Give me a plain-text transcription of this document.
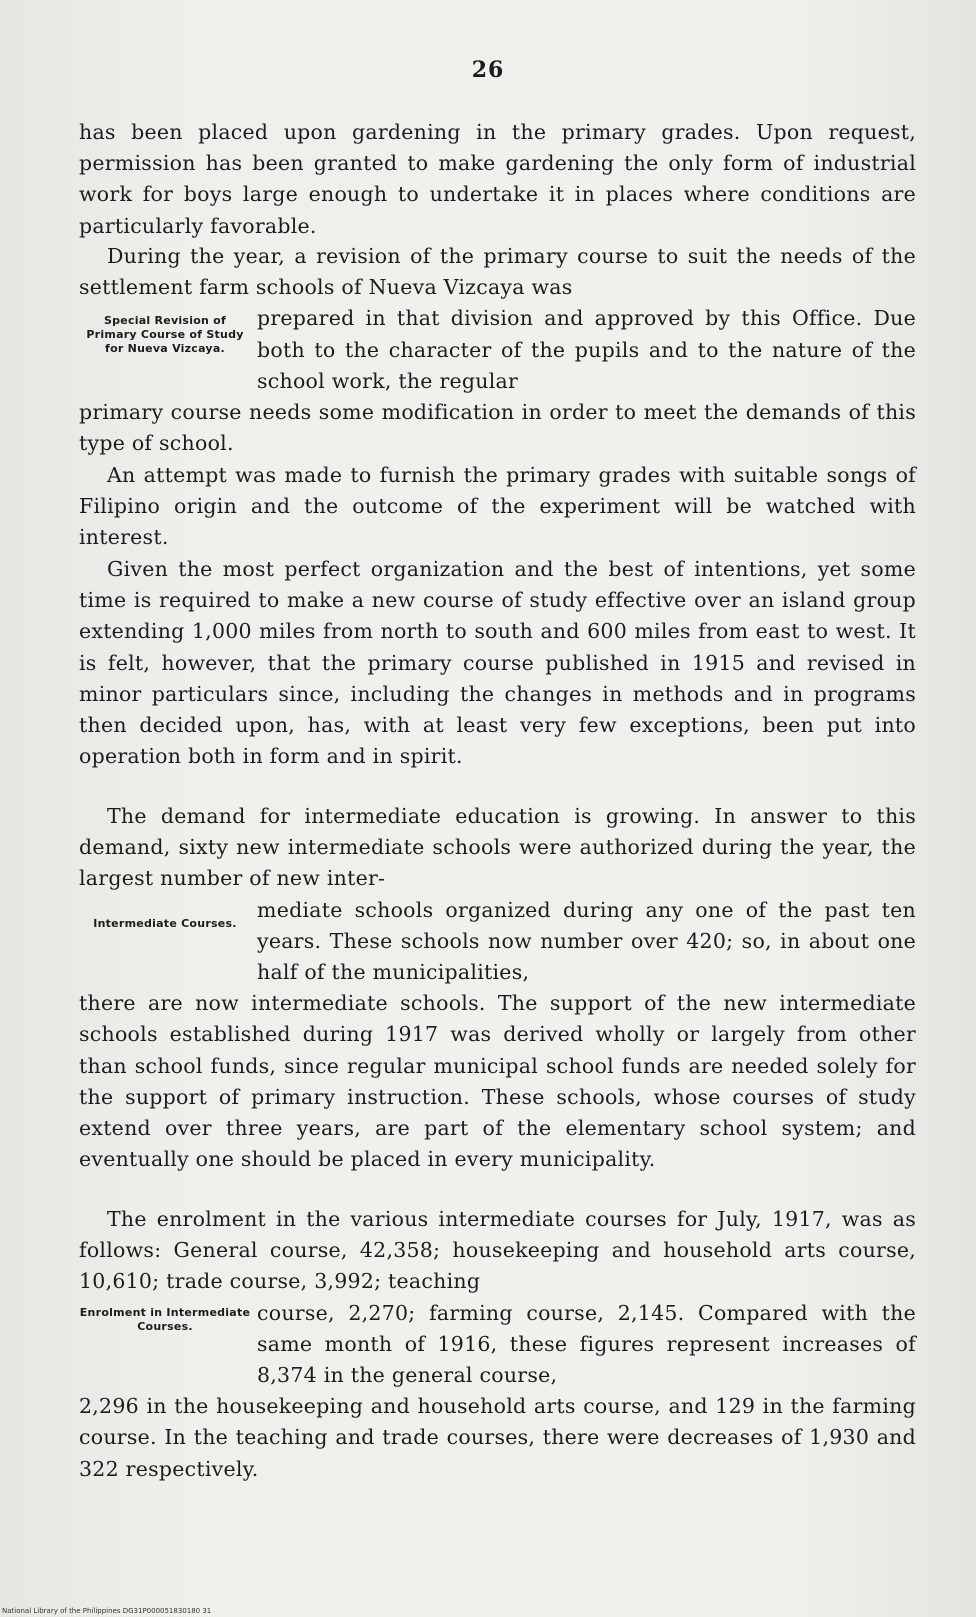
26

has been placed upon gardening in the primary grades. Upon request, permission has been granted to make gardening the only form of industrial work for boys large enough to undertake it in places where conditions are particularly favorable.

During the year, a revision of the primary course to suit the needs of the settlement farm schools of Nueva Vizcaya was

Special Revision of Primary Course of Study for Nueva Vizcaya.
prepared in that division and approved by this Office. Due both to the character of the pupils and to the nature of the school work, the regular

primary course needs some modification in order to meet the demands of this type of school.

An attempt was made to furnish the primary grades with suitable songs of Filipino origin and the outcome of the experiment will be watched with interest.

Given the most perfect organization and the best of intentions, yet some time is required to make a new course of study effective over an island group extending 1,000 miles from north to south and 600 miles from east to west. It is felt, however, that the primary course published in 1915 and revised in minor particulars since, including the changes in methods and in programs then decided upon, has, with at least very few exceptions, been put into operation both in form and in spirit.

The demand for intermediate education is growing. In answer to this demand, sixty new intermediate schools were authorized during the year, the largest number of new inter-

Intermediate Courses.
mediate schools organized during any one of the past ten years. These schools now number over 420; so, in about one half of the municipalities,

there are now intermediate schools. The support of the new intermediate schools established during 1917 was derived wholly or largely from other than school funds, since regular municipal school funds are needed solely for the support of primary instruction. These schools, whose courses of study extend over three years, are part of the elementary school system; and eventually one should be placed in every municipality.

The enrolment in the various intermediate courses for July, 1917, was as follows: General course, 42,358; housekeeping and household arts course, 10,610; trade course, 3,992; teaching

Enrolment in Intermediate Courses.
course, 2,270; farming course, 2,145. Compared with the same month of 1916, these figures represent increases of 8,374 in the general course,

2,296 in the housekeeping and household arts course, and 129 in the farming course. In the teaching and trade courses, there were decreases of 1,930 and 322 respectively.

National Library of the Philippines DG31P000051830180 31
